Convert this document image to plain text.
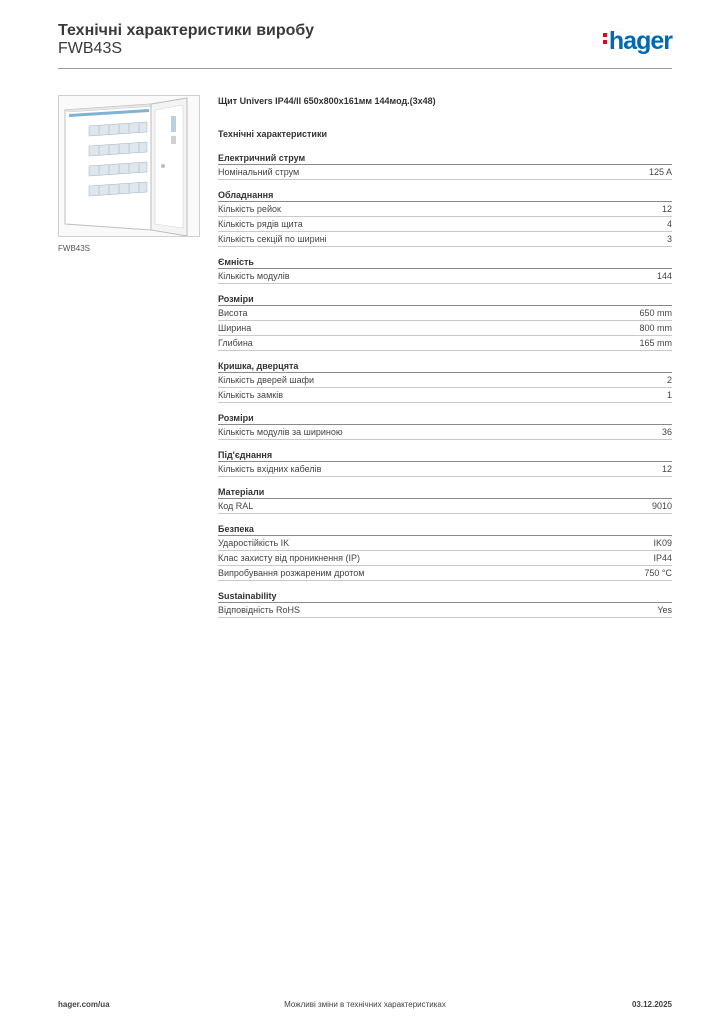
Технічні характеристики виробу
FWB43S	hager
FWB43S
Щит Univers IP44/II 650x800x161мм 144мод.(3x48)
Технічні характеристики
Електричний струм
Номінальний струм	125 A
Обладнання
Кількість рейок	12
Кількість рядів щита	4
Кількість секцій по ширині	3
Ємність
Кількість модулів	144
Розміри
Висота	650 mm
Ширина	800 mm
Глибина	165 mm
Кришка, дверцята
Кількість дверей шафи	2
Кількість замків	1
Розміри
Кількість модулів за шириною	36
Під'єднання
Кількість вхідних кабелів	12
Матеріали
Код RAL	9010
Безпека
Ударостійкість IK	IK09
Клас захисту від проникнення (IP)	IP44
Випробування розжареним дротом	750 °C
Sustainability
Відповідність RoHS	Yes
hager.com/ua	Можливі зміни в технічних характеристиках	03.12.2025
